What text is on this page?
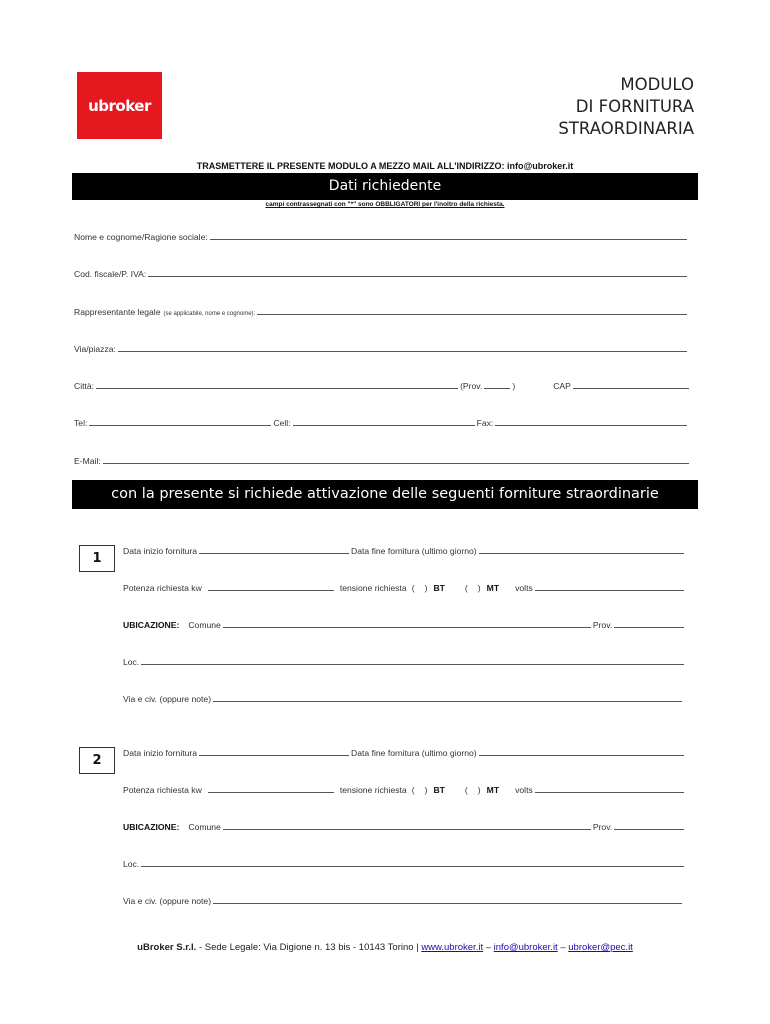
ubroker
MODULO
DI FORNITURA
STRAORDINARIA
TRASMETTERE IL PRESENTE MODULO A MEZZO MAIL ALL'INDIRIZZO: info@ubroker.it
Dati richiedente
campi contrassegnati con "*" sono OBBLIGATORI per l'inoltro della richiesta.
Nome e cognome/Ragione sociale:
Cod. fiscale/P. IVA:
Rappresentante legale (se applicabile, nome e cognome):
Via/piazza:
Città:	(Prov.	)	CAP
Tel:	Cell:	Fax:
E-Mail:
con la presente si richiede attivazione delle seguenti forniture straordinarie
1	Data inizio fornitura	Data fine fornitura (ultimo giorno)
Potenza richiesta kw	tensione richiesta ( ) BT ( ) MT volts
UBICAZIONE: Comune	Prov.
Loc.
Via e civ. (oppure note)
2	Data inizio fornitura	Data fine fornitura (ultimo giorno)
Potenza richiesta kw	tensione richiesta ( ) BT ( ) MT volts
UBICAZIONE: Comune	Prov.
Loc.
Via e civ. (oppure note)
uBroker S.r.l. - Sede Legale: Via Digione n. 13 bis - 10143 Torino | www.ubroker.it – info@ubroker.it – ubroker@pec.it
